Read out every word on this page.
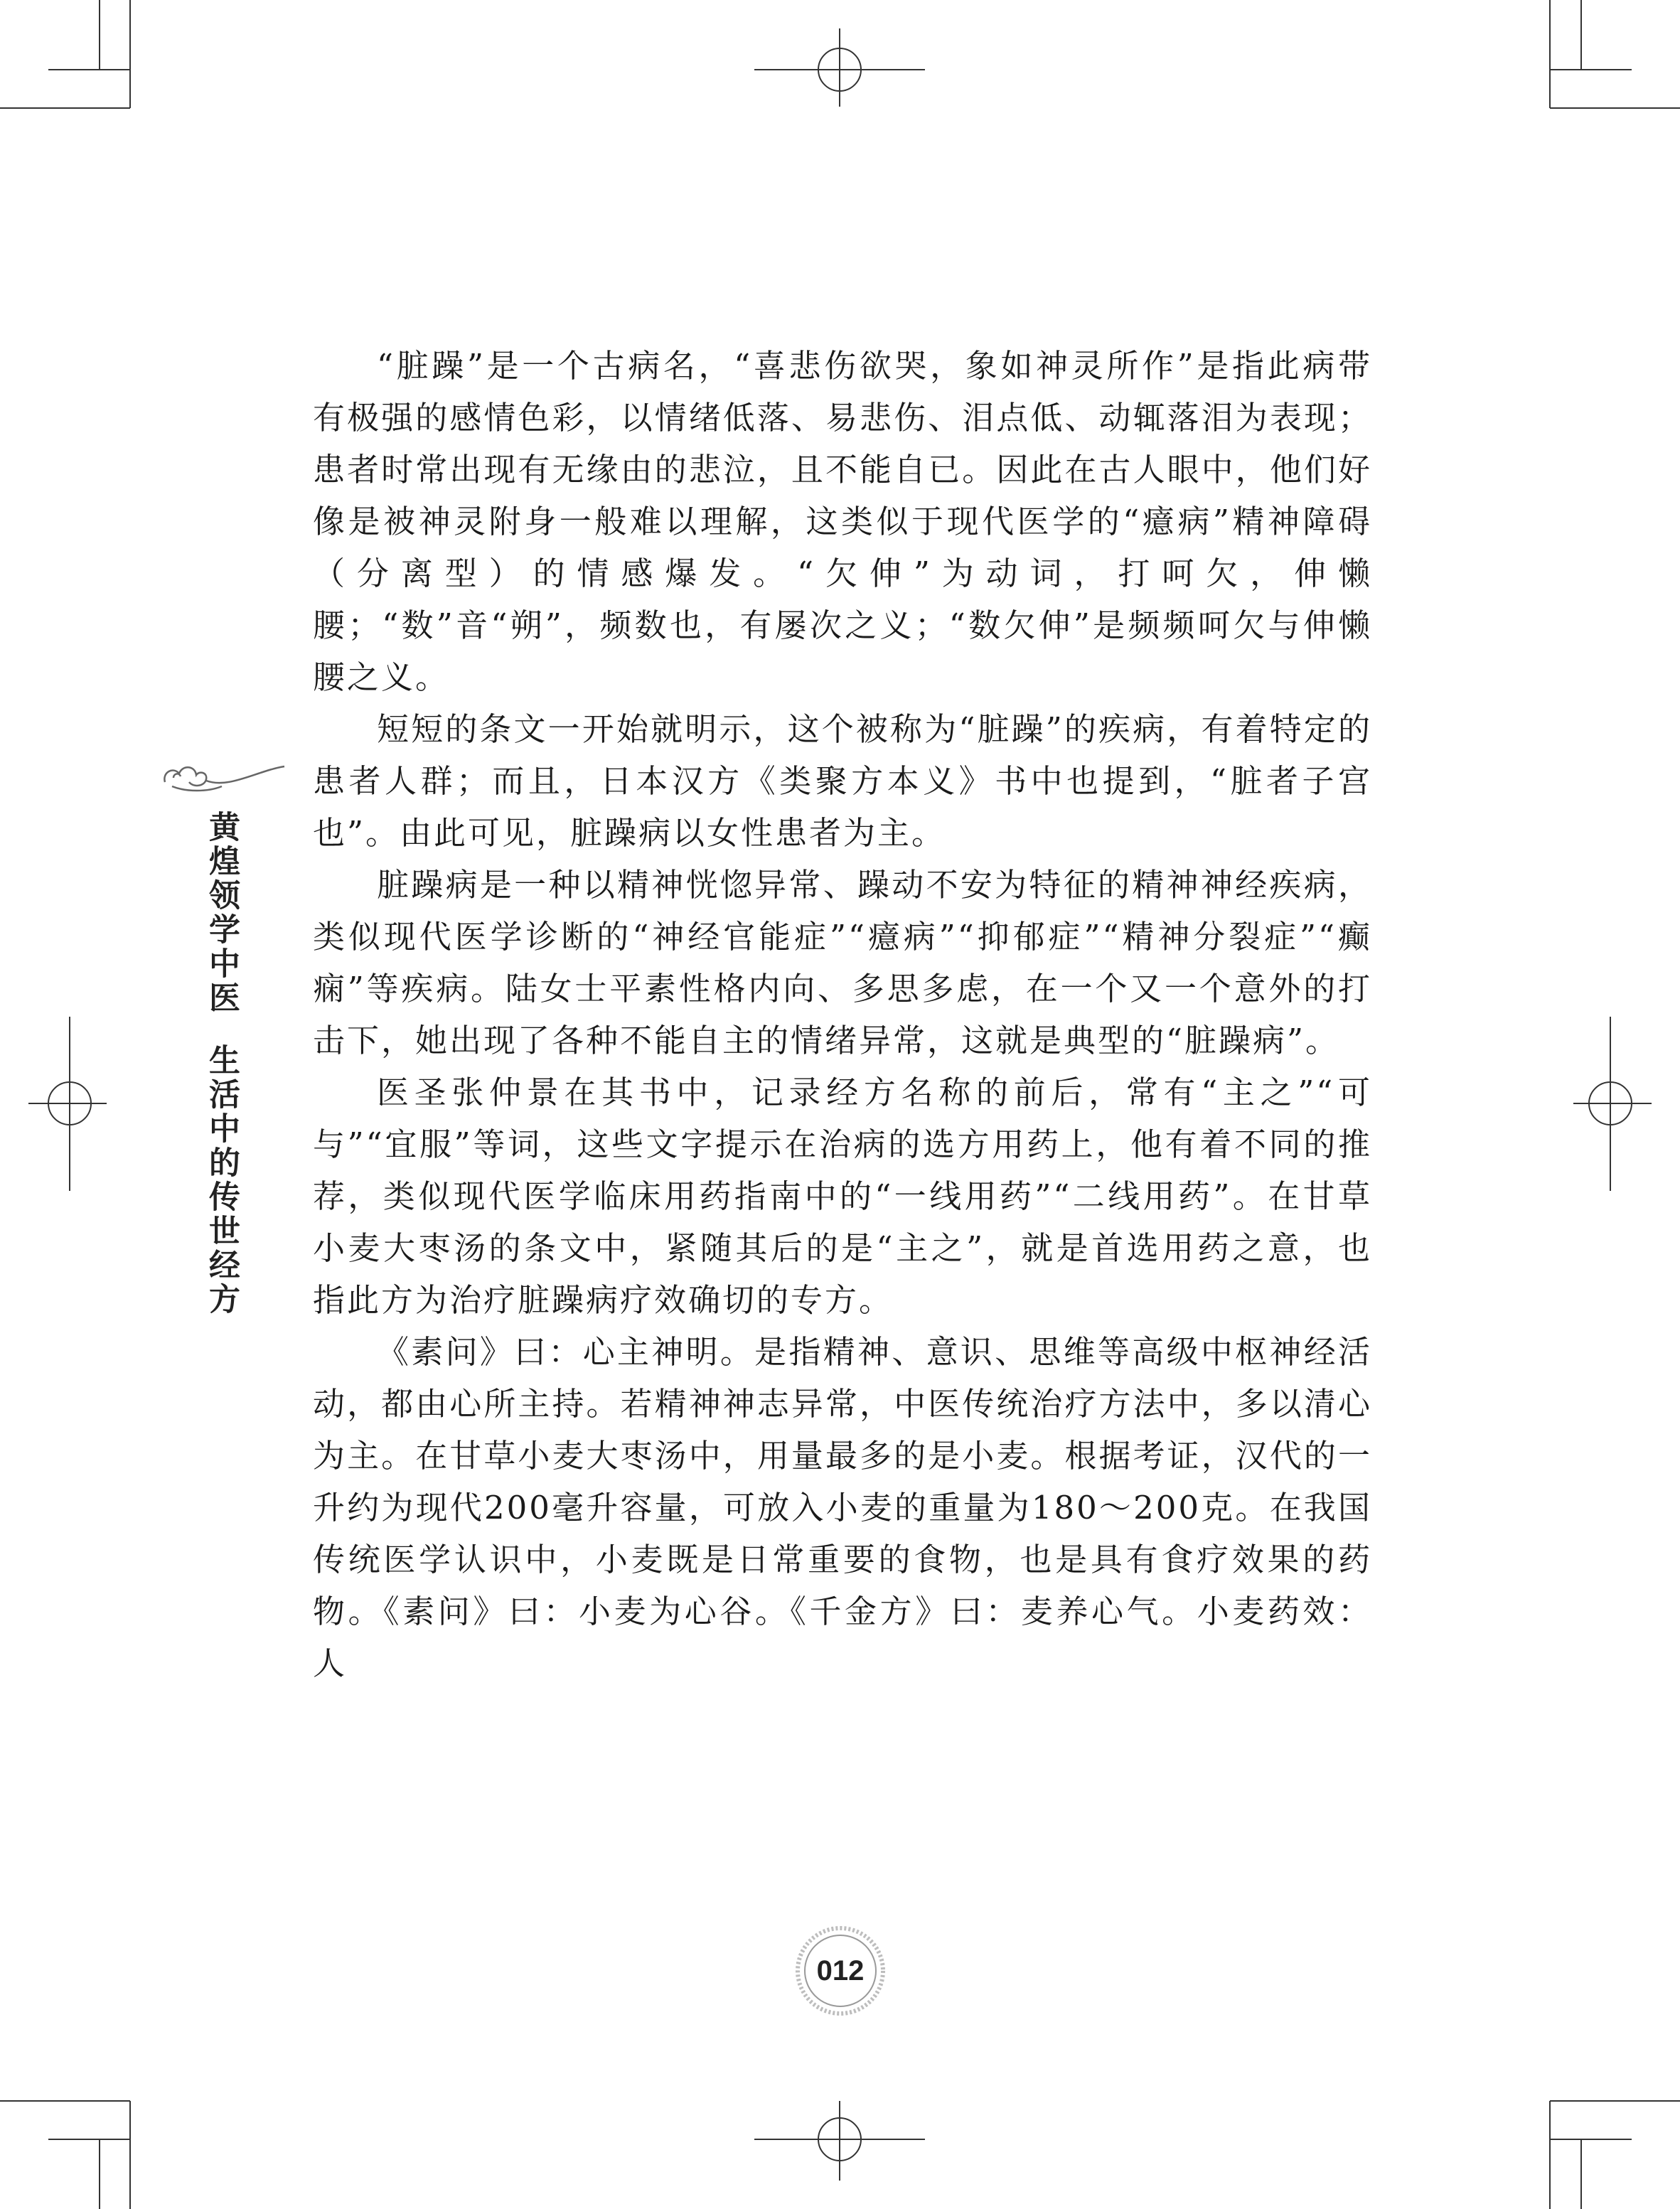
黄煌领学中医生活中的传世经方

“脏躁”是一个古病名，“喜悲伤欲哭，象如神灵所作”是指此病带有极强的感情色彩，以情绪低落、易悲伤、泪点低、动辄落泪为表现；患者时常出现有无缘由的悲泣，且不能自已。因此在古人眼中，他们好像是被神灵附身一般难以理解，这类似于现代医学的“癔病”精神障碍（分离型）的情感爆发。“欠伸”为动词，打呵欠，伸懒腰；“数”音“朔”，频数也，有屡次之义；“数欠伸”是频频呵欠与伸懒腰之义。

短短的条文一开始就明示，这个被称为“脏躁”的疾病，有着特定的患者人群；而且，日本汉方《类聚方本义》书中也提到，“脏者子宫也”。由此可见，脏躁病以女性患者为主。

脏躁病是一种以精神恍惚异常、躁动不安为特征的精神神经疾病，类似现代医学诊断的“神经官能症”“癔病”“抑郁症”“精神分裂症”“癫痫”等疾病。陆女士平素性格内向、多思多虑，在一个又一个意外的打击下，她出现了各种不能自主的情绪异常，这就是典型的“脏躁病”。

医圣张仲景在其书中，记录经方名称的前后，常有“主之”“可与”“宜服”等词，这些文字提示在治病的选方用药上，他有着不同的推荐，类似现代医学临床用药指南中的“一线用药”“二线用药”。在甘草小麦大枣汤的条文中，紧随其后的是“主之”，就是首选用药之意，也指此方为治疗脏躁病疗效确切的专方。

《素问》曰：心主神明。是指精神、意识、思维等高级中枢神经活动，都由心所主持。若精神神志异常，中医传统治疗方法中，多以清心为主。在甘草小麦大枣汤中，用量最多的是小麦。根据考证，汉代的一升约为现代200毫升容量，可放入小麦的重量为180～200克。在我国传统医学认识中，小麦既是日常重要的食物，也是具有食疗效果的药物。《素问》曰：小麦为心谷。《千金方》曰：麦养心气。小麦药效：人

012
